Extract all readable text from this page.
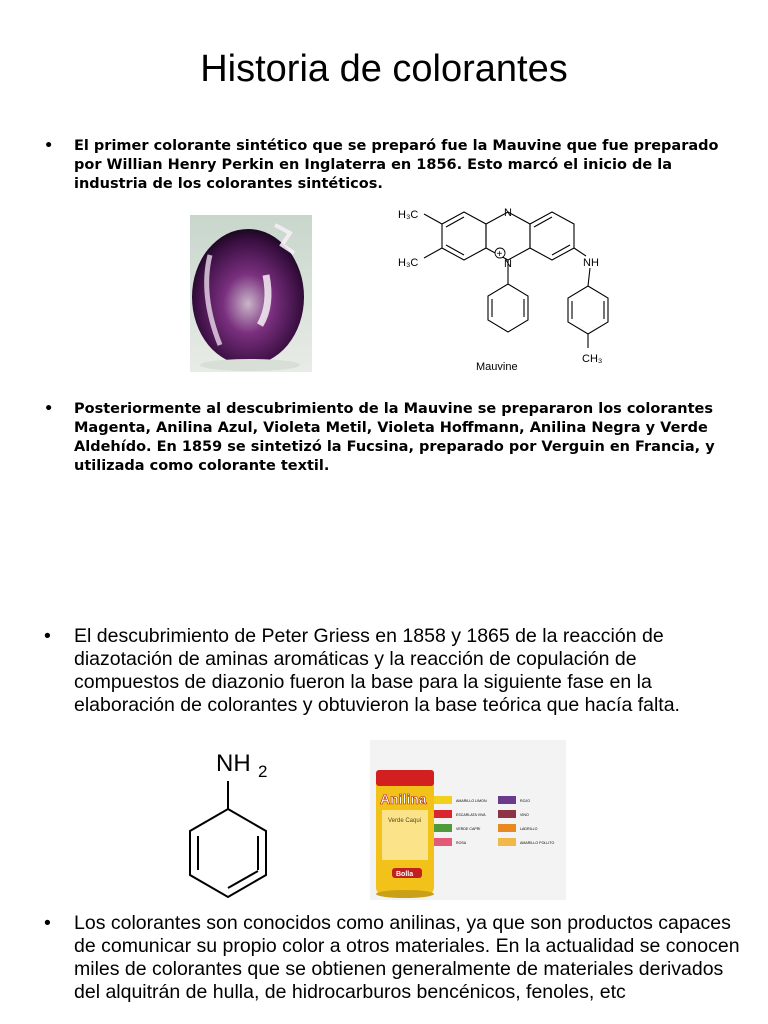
Historia de colorantes
•	El primer colorante sintético que se preparó fue la Mauvine que fue preparado por Willian Henry Perkin en Inglaterra en 1856. Esto marcó el inicio de la industria de los colorantes sintéticos.
H₃C
H₃C
N
N
+
NH
CH₃
Mauvine
•	Posteriormente al descubrimiento de la Mauvine se prepararon los colorantes Magenta, Anilina Azul, Violeta Metil, Violeta Hoffmann, Anilina Negra y Verde Aldehído. En 1859 se sintetizó la Fucsina, preparado por Verguin en Francia, y utilizada como colorante textil.
•	El descubrimiento de Peter Griess en 1858 y 1865 de la reacción de diazotación de aminas aromáticas y la reacción de copulación de compuestos de diazonio fueron la base para la siguiente fase en la elaboración de colorantes y obtuvieron la base teórica que hacía falta.
NH 2
Anilina
Verde Caqui
Bolla
AMARILLO LIMON	ROJO
ESCARLATA VIVA	VINO
VERDE CAPRI	LADRILLO
ROSA	AMARILLO POLLITO
•	Los colorantes son conocidos como anilinas, ya que son productos capaces de comunicar su propio color a otros materiales. En la actualidad se conocen miles de colorantes que se obtienen generalmente de materiales derivados del alquitrán de hulla, de hidrocarburos bencénicos, fenoles, etc
